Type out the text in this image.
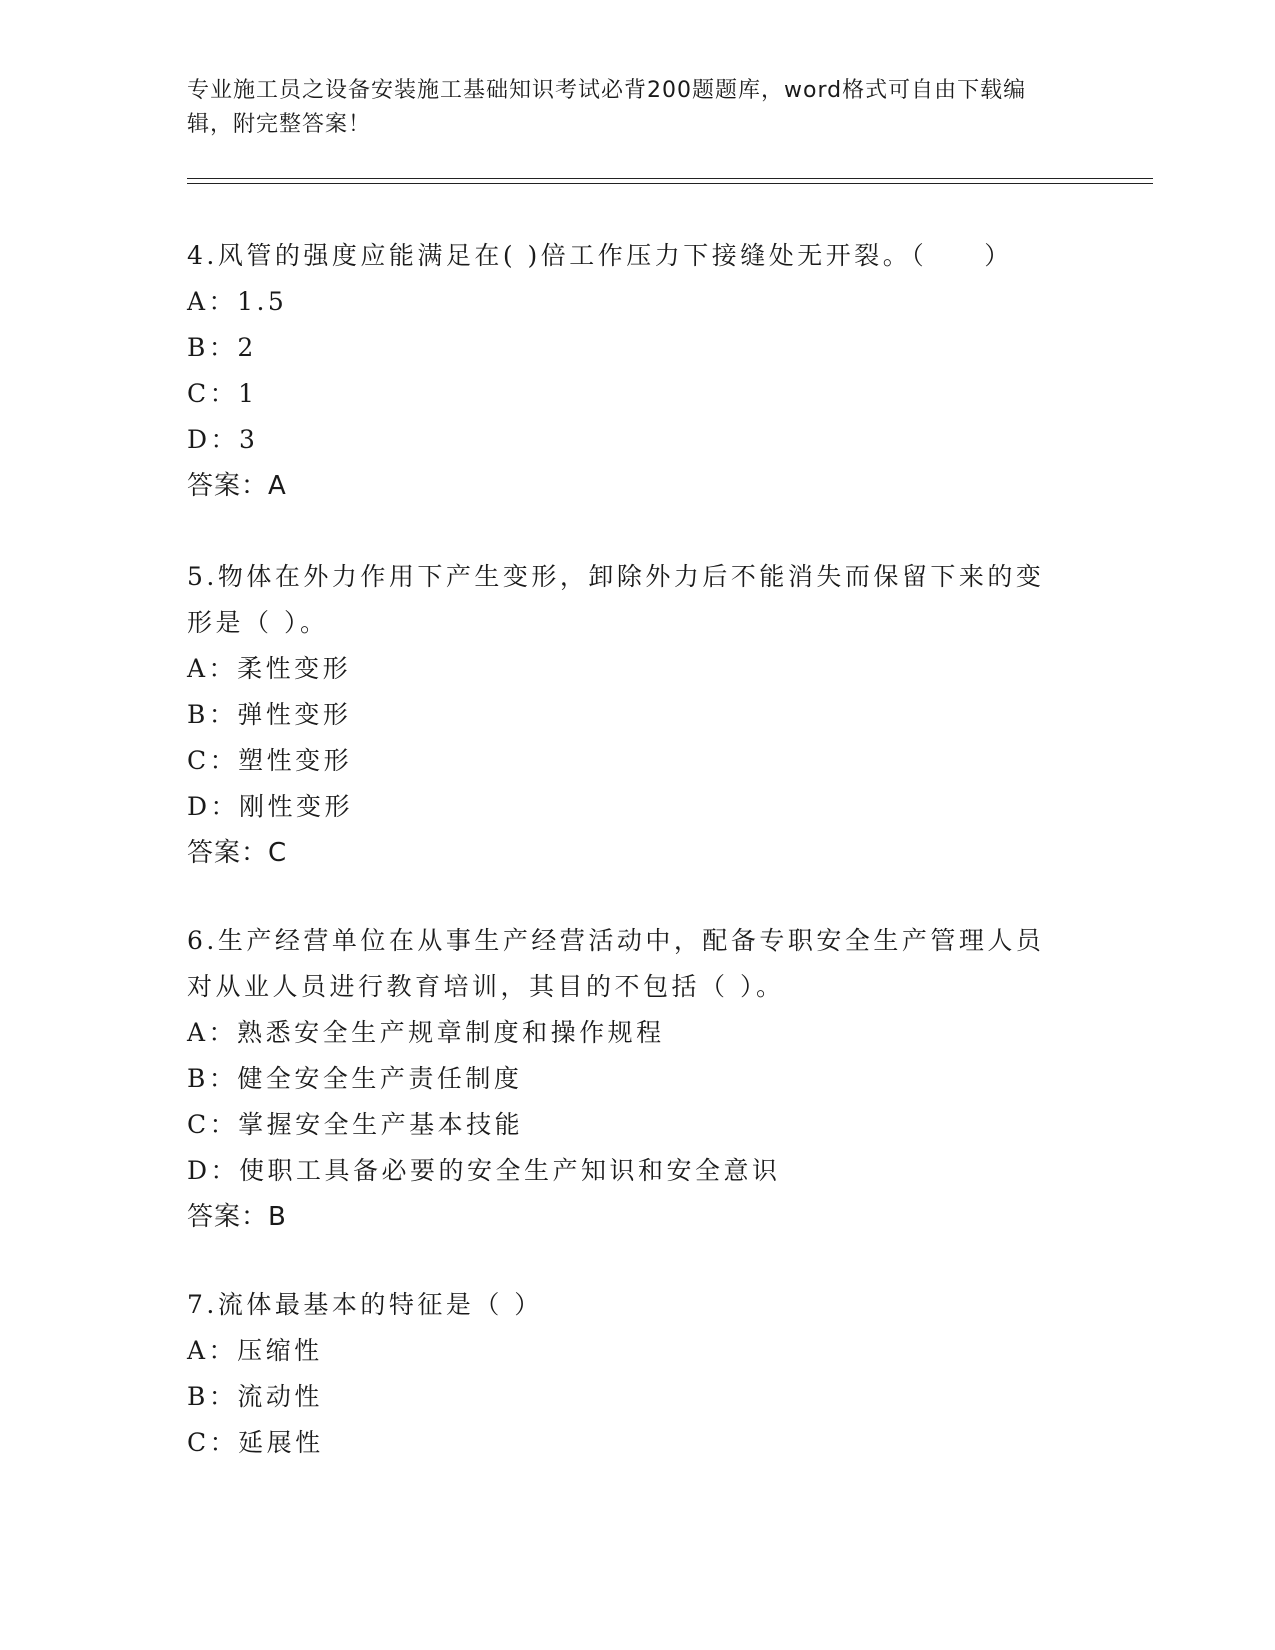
专业施工员之设备安装施工基础知识考试必背200题题库，word格式可自由下载编辑，附完整答案！

4.风管的强度应能满足在( )倍工作压力下接缝处无开裂。（　　）

A： 1.5

B： 2

C： 1

D： 3

答案：A

5.物体在外力作用下产生变形，卸除外力后不能消失而保留下来的变形是（ ）。

A： 柔性变形

B： 弹性变形

C： 塑性变形

D： 刚性变形

答案：C

6.生产经营单位在从事生产经营活动中，配备专职安全生产管理人员对从业人员进行教育培训，其目的不包括（ ）。

A： 熟悉安全生产规章制度和操作规程

B： 健全安全生产责任制度

C： 掌握安全生产基本技能

D： 使职工具备必要的安全生产知识和安全意识

答案：B

7.流体最基本的特征是（ ）

A： 压缩性

B： 流动性

C： 延展性
